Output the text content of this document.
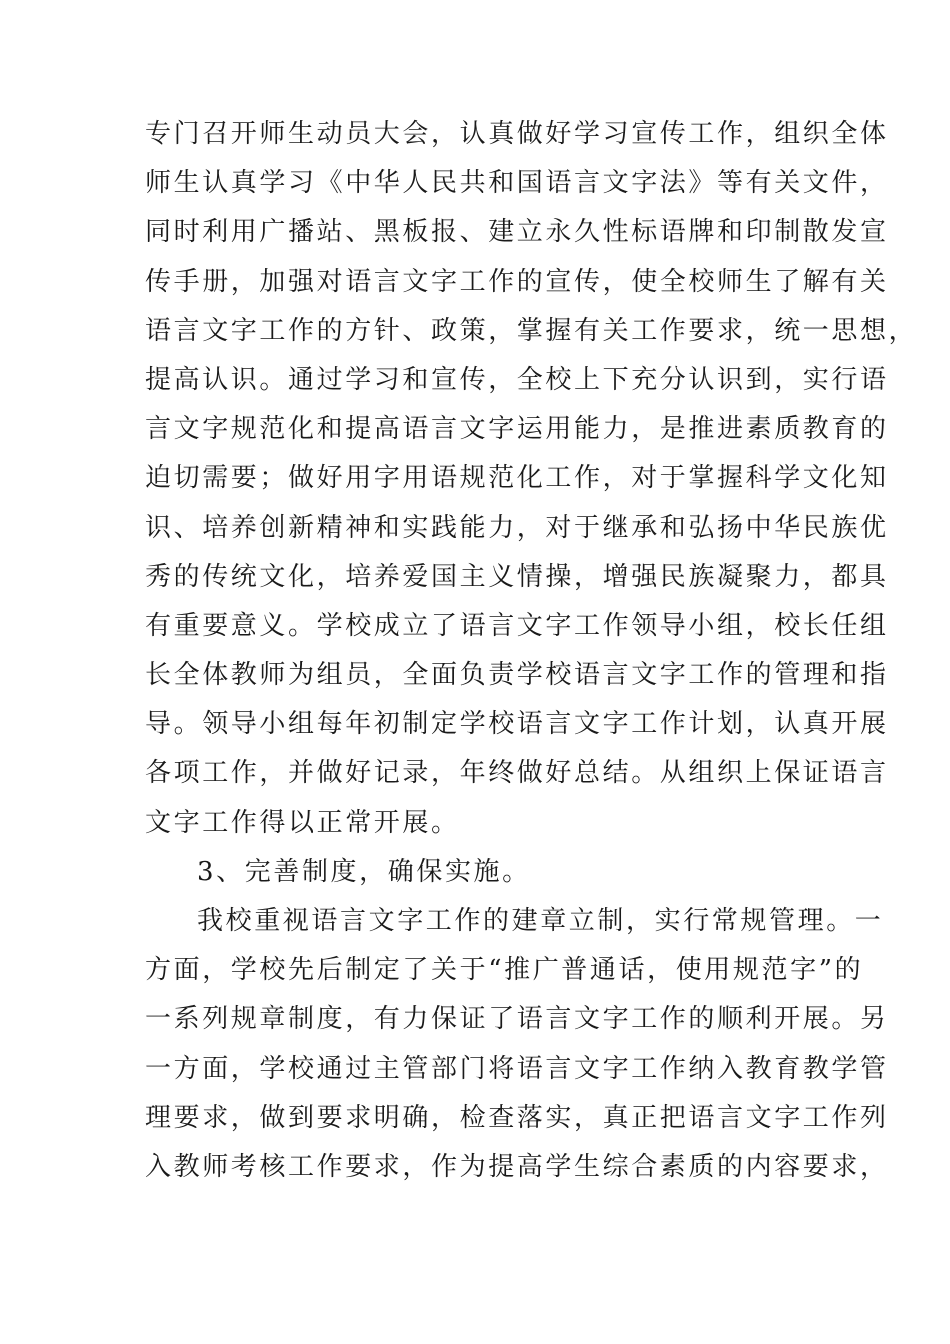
专门召开师生动员大会，认真做好学习宣传工作，组织全体
师生认真学习《中华人民共和国语言文字法》等有关文件，
同时利用广播站、黑板报、建立永久性标语牌和印制散发宣
传手册，加强对语言文字工作的宣传，使全校师生了解有关
语言文字工作的方针、政策，掌握有关工作要求，统一思想，
提高认识。通过学习和宣传，全校上下充分认识到，实行语
言文字规范化和提高语言文字运用能力，是推进素质教育的
迫切需要；做好用字用语规范化工作，对于掌握科学文化知
识、培养创新精神和实践能力，对于继承和弘扬中华民族优
秀的传统文化，培养爱国主义情操，增强民族凝聚力，都具
有重要意义。学校成立了语言文字工作领导小组，校长任组
长全体教师为组员，全面负责学校语言文字工作的管理和指
导。领导小组每年初制定学校语言文字工作计划，认真开展
各项工作，并做好记录，年终做好总结。从组织上保证语言
文字工作得以正常开展。
3、完善制度，确保实施。
我校重视语言文字工作的建章立制，实行常规管理。一
方面，学校先后制定了关于“推广普通话，使用规范字”的
一系列规章制度，有力保证了语言文字工作的顺利开展。另
一方面，学校通过主管部门将语言文字工作纳入教育教学管
理要求，做到要求明确，检查落实，真正把语言文字工作列
入教师考核工作要求，作为提高学生综合素质的内容要求，
